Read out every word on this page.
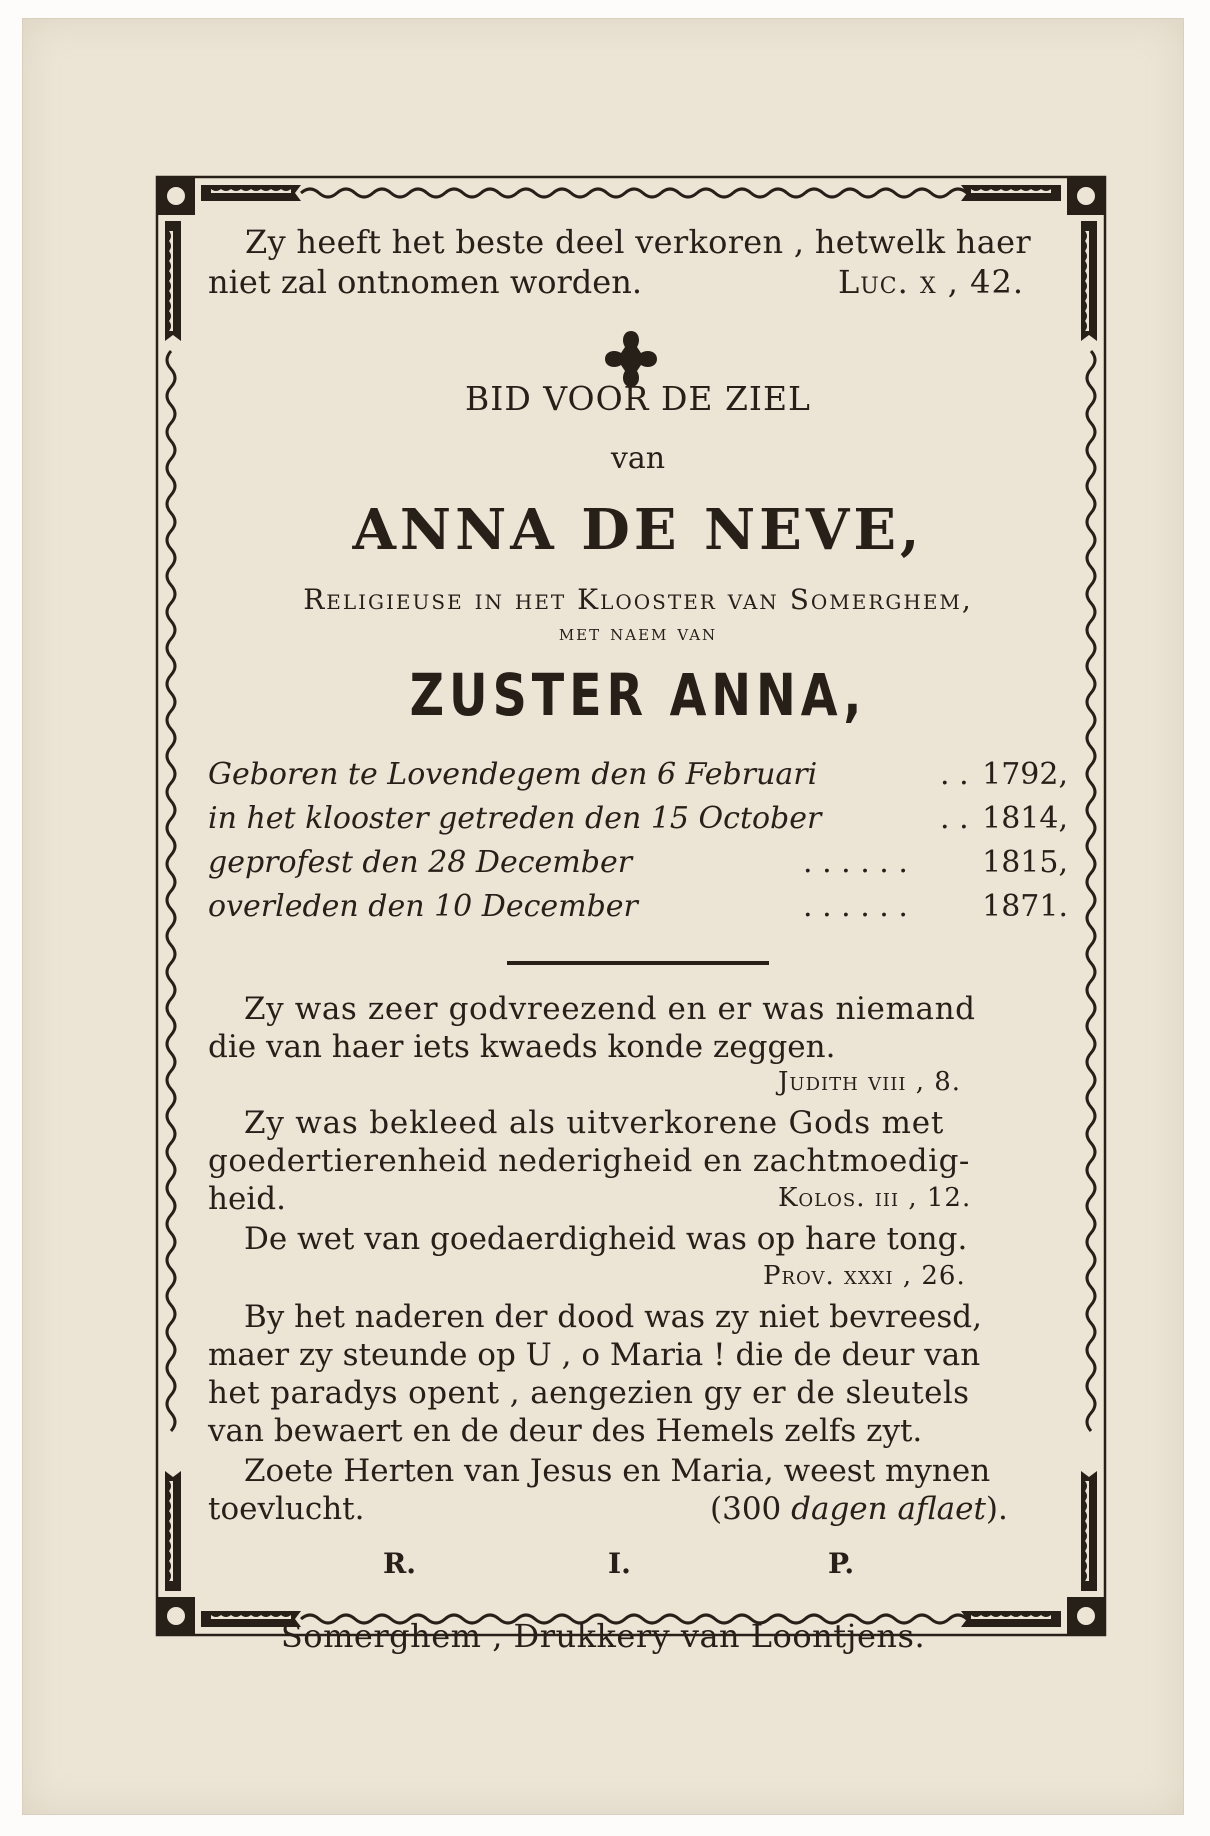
Zy heeft het beste deel verkoren , hetwelk haer
niet zal ontnomen worden.	Luc. x , 42.
BID VOOR DE ZIEL
van
ANNA DE NEVE,
Religieuse in het Klooster van Somerghem,
met naem van
ZUSTER ANNA,
Geboren te Lovendegem den 6 Februari	. . 1792,
in het klooster getreden den 15 October	. . 1814,
geprofest den 28 December	. . . . . . 1815,
overleden den 10 December	. . . . . . 1871.
Zy was zeer godvreezend en er was niemand
die van haer iets kwaeds konde zeggen.
Judith viii , 8.
Zy was bekleed als uitverkorene Gods met
goedertierenheid nederigheid en zachtmoedig-
heid.	Kolos. iii , 12.
De wet van goedaerdigheid was op hare tong.
Prov. xxxi , 26.
By het naderen der dood was zy niet bevreesd,
maer zy steunde op U , o Maria ! die de deur van
het paradys opent , aengezien gy er de sleutels
van bewaert en de deur des Hemels zelfs zyt.
Zoete Herten van Jesus en Maria, weest mynen
toevlucht.	(300 dagen aflaet).
R.	I.	P.
Somerghem , Drukkery van Loontjens.
